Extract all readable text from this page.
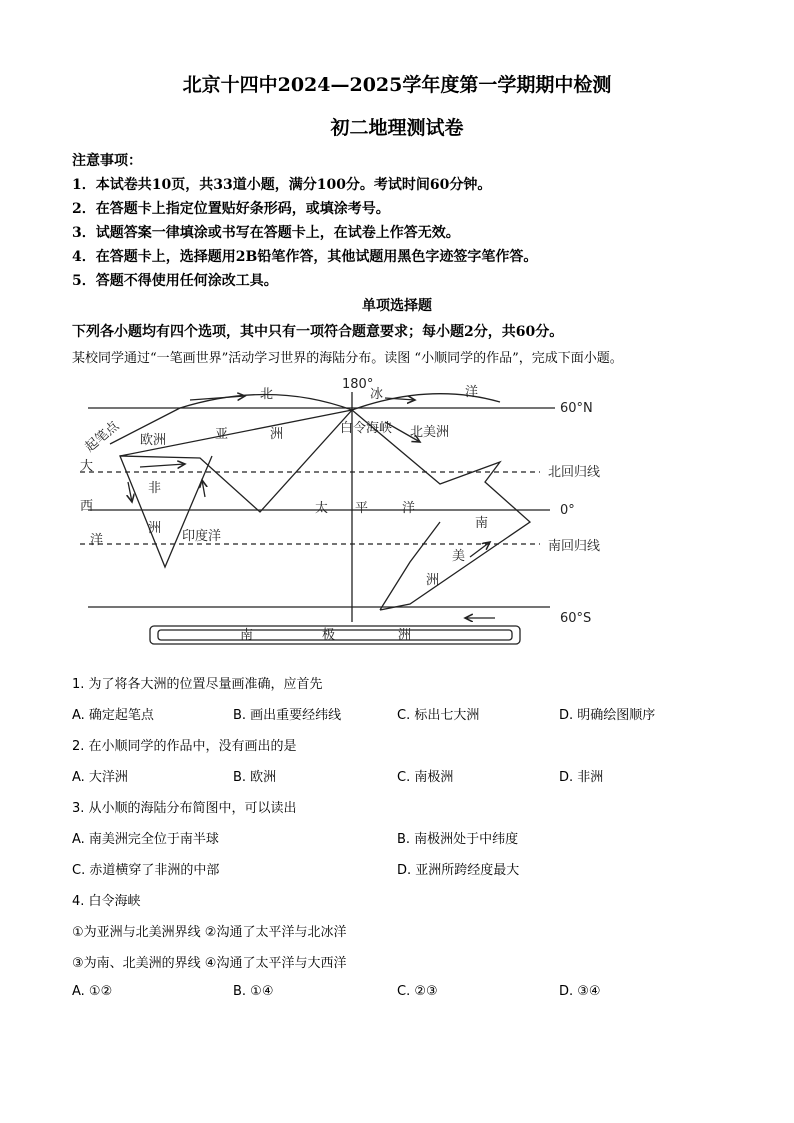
北京十四中2024—2025学年度第一学期期中检测
初二地理测试卷
注意事项：
1．本试卷共10页，共33道小题，满分100分。考试时间60分钟。
2．在答题卡上指定位置贴好条形码，或填涂考号。
3．试题答案一律填涂或书写在答题卡上，在试卷上作答无效。
4．在答题卡上，选择题用2B铅笔作答，其他试题用黑色字迹签字笔作答。
5．答题不得使用任何涂改工具。
单项选择题
下列各小题均有四个选项，其中只有一项符合题意要求；每小题2分，共60分。
某校同学通过“一笔画世界”活动学习世界的海陆分布。读图 “小顺同学的作品”，完成下面小题。
180°
60°N
0°
60°S
北回归线
南回归线
北	冰	洋
白令海峡
大
西
洋
起笔点 欧洲	亚	洲	北美洲
非
洲
印度洋
太 平	洋
南
美
洲
南	极	洲
1. 为了将各大洲的位置尽量画准确，应首先
A. 确定起笔点	B. 画出重要经纬线	C. 标出七大洲	D. 明确绘图顺序
2. 在小顺同学的作品中，没有画出的是
A. 大洋洲	B. 欧洲	C. 南极洲	D. 非洲
3. 从小顺的海陆分布简图中，可以读出
A. 南美洲完全位于南半球	B. 南极洲处于中纬度
C. 赤道横穿了非洲的中部	D. 亚洲所跨经度最大
4. 白令海峡
①为亚洲与北美洲界线 ②沟通了太平洋与北冰洋
③为南、北美洲的界线 ④沟通了太平洋与大西洋
A. ①②	B. ①④	C. ②③	D. ③④
